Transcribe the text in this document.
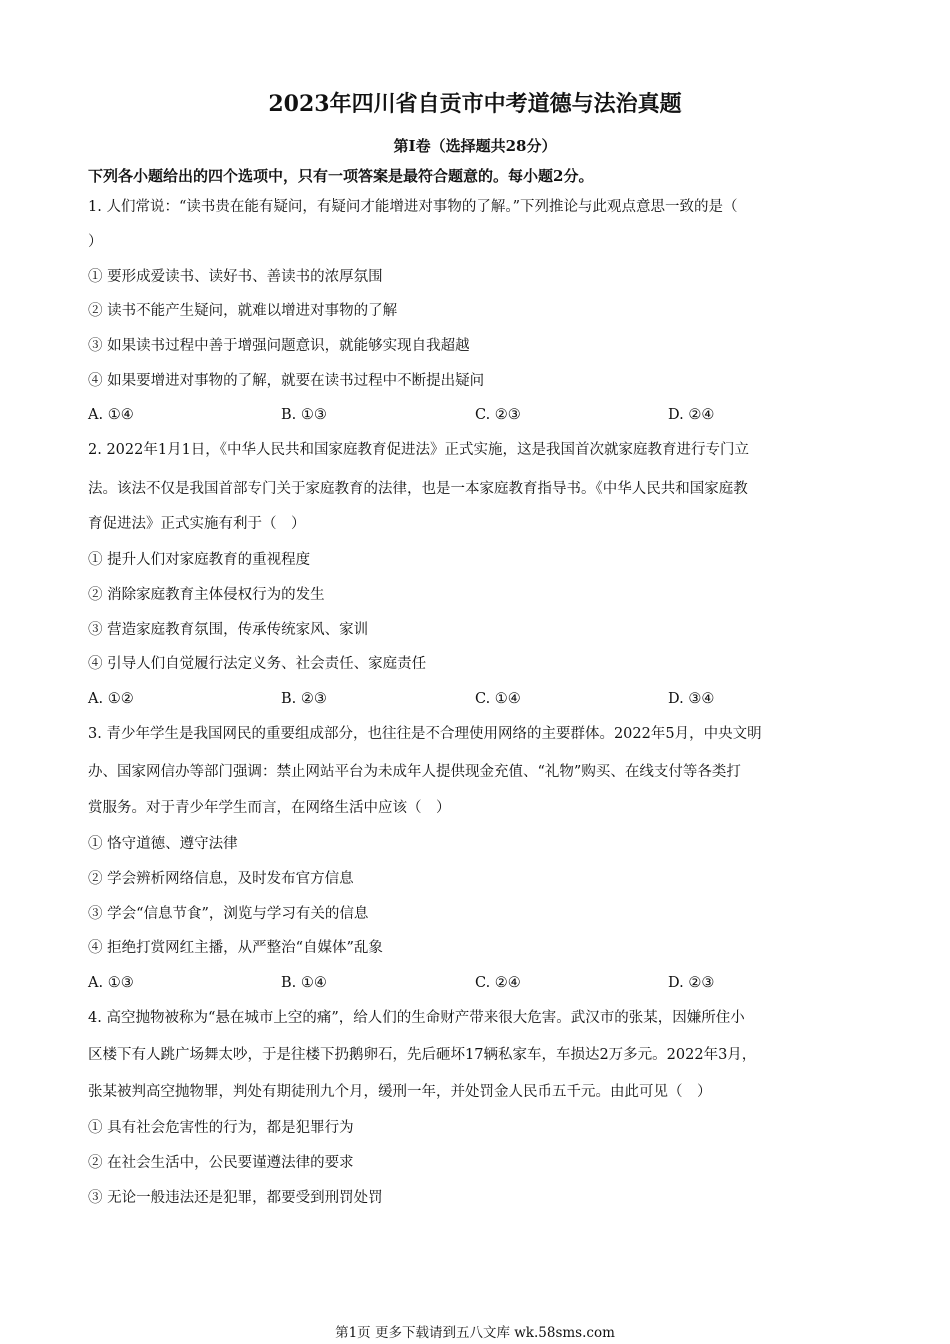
2023年四川省自贡市中考道德与法治真题
第I卷（选择题共28分）
下列各小题给出的四个选项中，只有一项答案是最符合题意的。每小题2分。
1. 人们常说：“读书贵在能有疑问，有疑问才能增进对事物的了解。”下列推论与此观点意思一致的是（
）
① 要形成爱读书、读好书、善读书的浓厚氛围
② 读书不能产生疑问，就难以增进对事物的了解
③ 如果读书过程中善于增强问题意识，就能够实现自我超越
④ 如果要增进对事物的了解，就要在读书过程中不断提出疑问
A. ①④	B. ①③	C. ②③	D. ②④
2. 2022年1月1日，《中华人民共和国家庭教育促进法》正式实施，这是我国首次就家庭教育进行专门立
法。该法不仅是我国首部专门关于家庭教育的法律，也是一本家庭教育指导书。《中华人民共和国家庭教
育促进法》正式实施有利于（　）
① 提升人们对家庭教育的重视程度
② 消除家庭教育主体侵权行为的发生
③ 营造家庭教育氛围，传承传统家风、家训
④ 引导人们自觉履行法定义务、社会责任、家庭责任
A. ①②	B. ②③	C. ①④	D. ③④
3. 青少年学生是我国网民的重要组成部分，也往往是不合理使用网络的主要群体。2022年5月，中央文明
办、国家网信办等部门强调：禁止网站平台为未成年人提供现金充值、“礼物”购买、在线支付等各类打
赏服务。对于青少年学生而言，在网络生活中应该（　）
① 恪守道德、遵守法律
② 学会辨析网络信息，及时发布官方信息
③ 学会“信息节食”，浏览与学习有关的信息
④ 拒绝打赏网红主播，从严整治“自媒体”乱象
A. ①③	B. ①④	C. ②④	D. ②③
4. 高空抛物被称为“悬在城市上空的痛”，给人们的生命财产带来很大危害。武汉市的张某，因嫌所住小
区楼下有人跳广场舞太吵，于是往楼下扔鹅卵石，先后砸坏17辆私家车，车损达2万多元。2022年3月，
张某被判高空抛物罪，判处有期徒刑九个月，缓刑一年，并处罚金人民币五千元。由此可见（　）
① 具有社会危害性的行为，都是犯罪行为
② 在社会生活中，公民要谨遵法律的要求
③ 无论一般违法还是犯罪，都要受到刑罚处罚
第1页 更多下载请到五八文库 wk.58sms.com
